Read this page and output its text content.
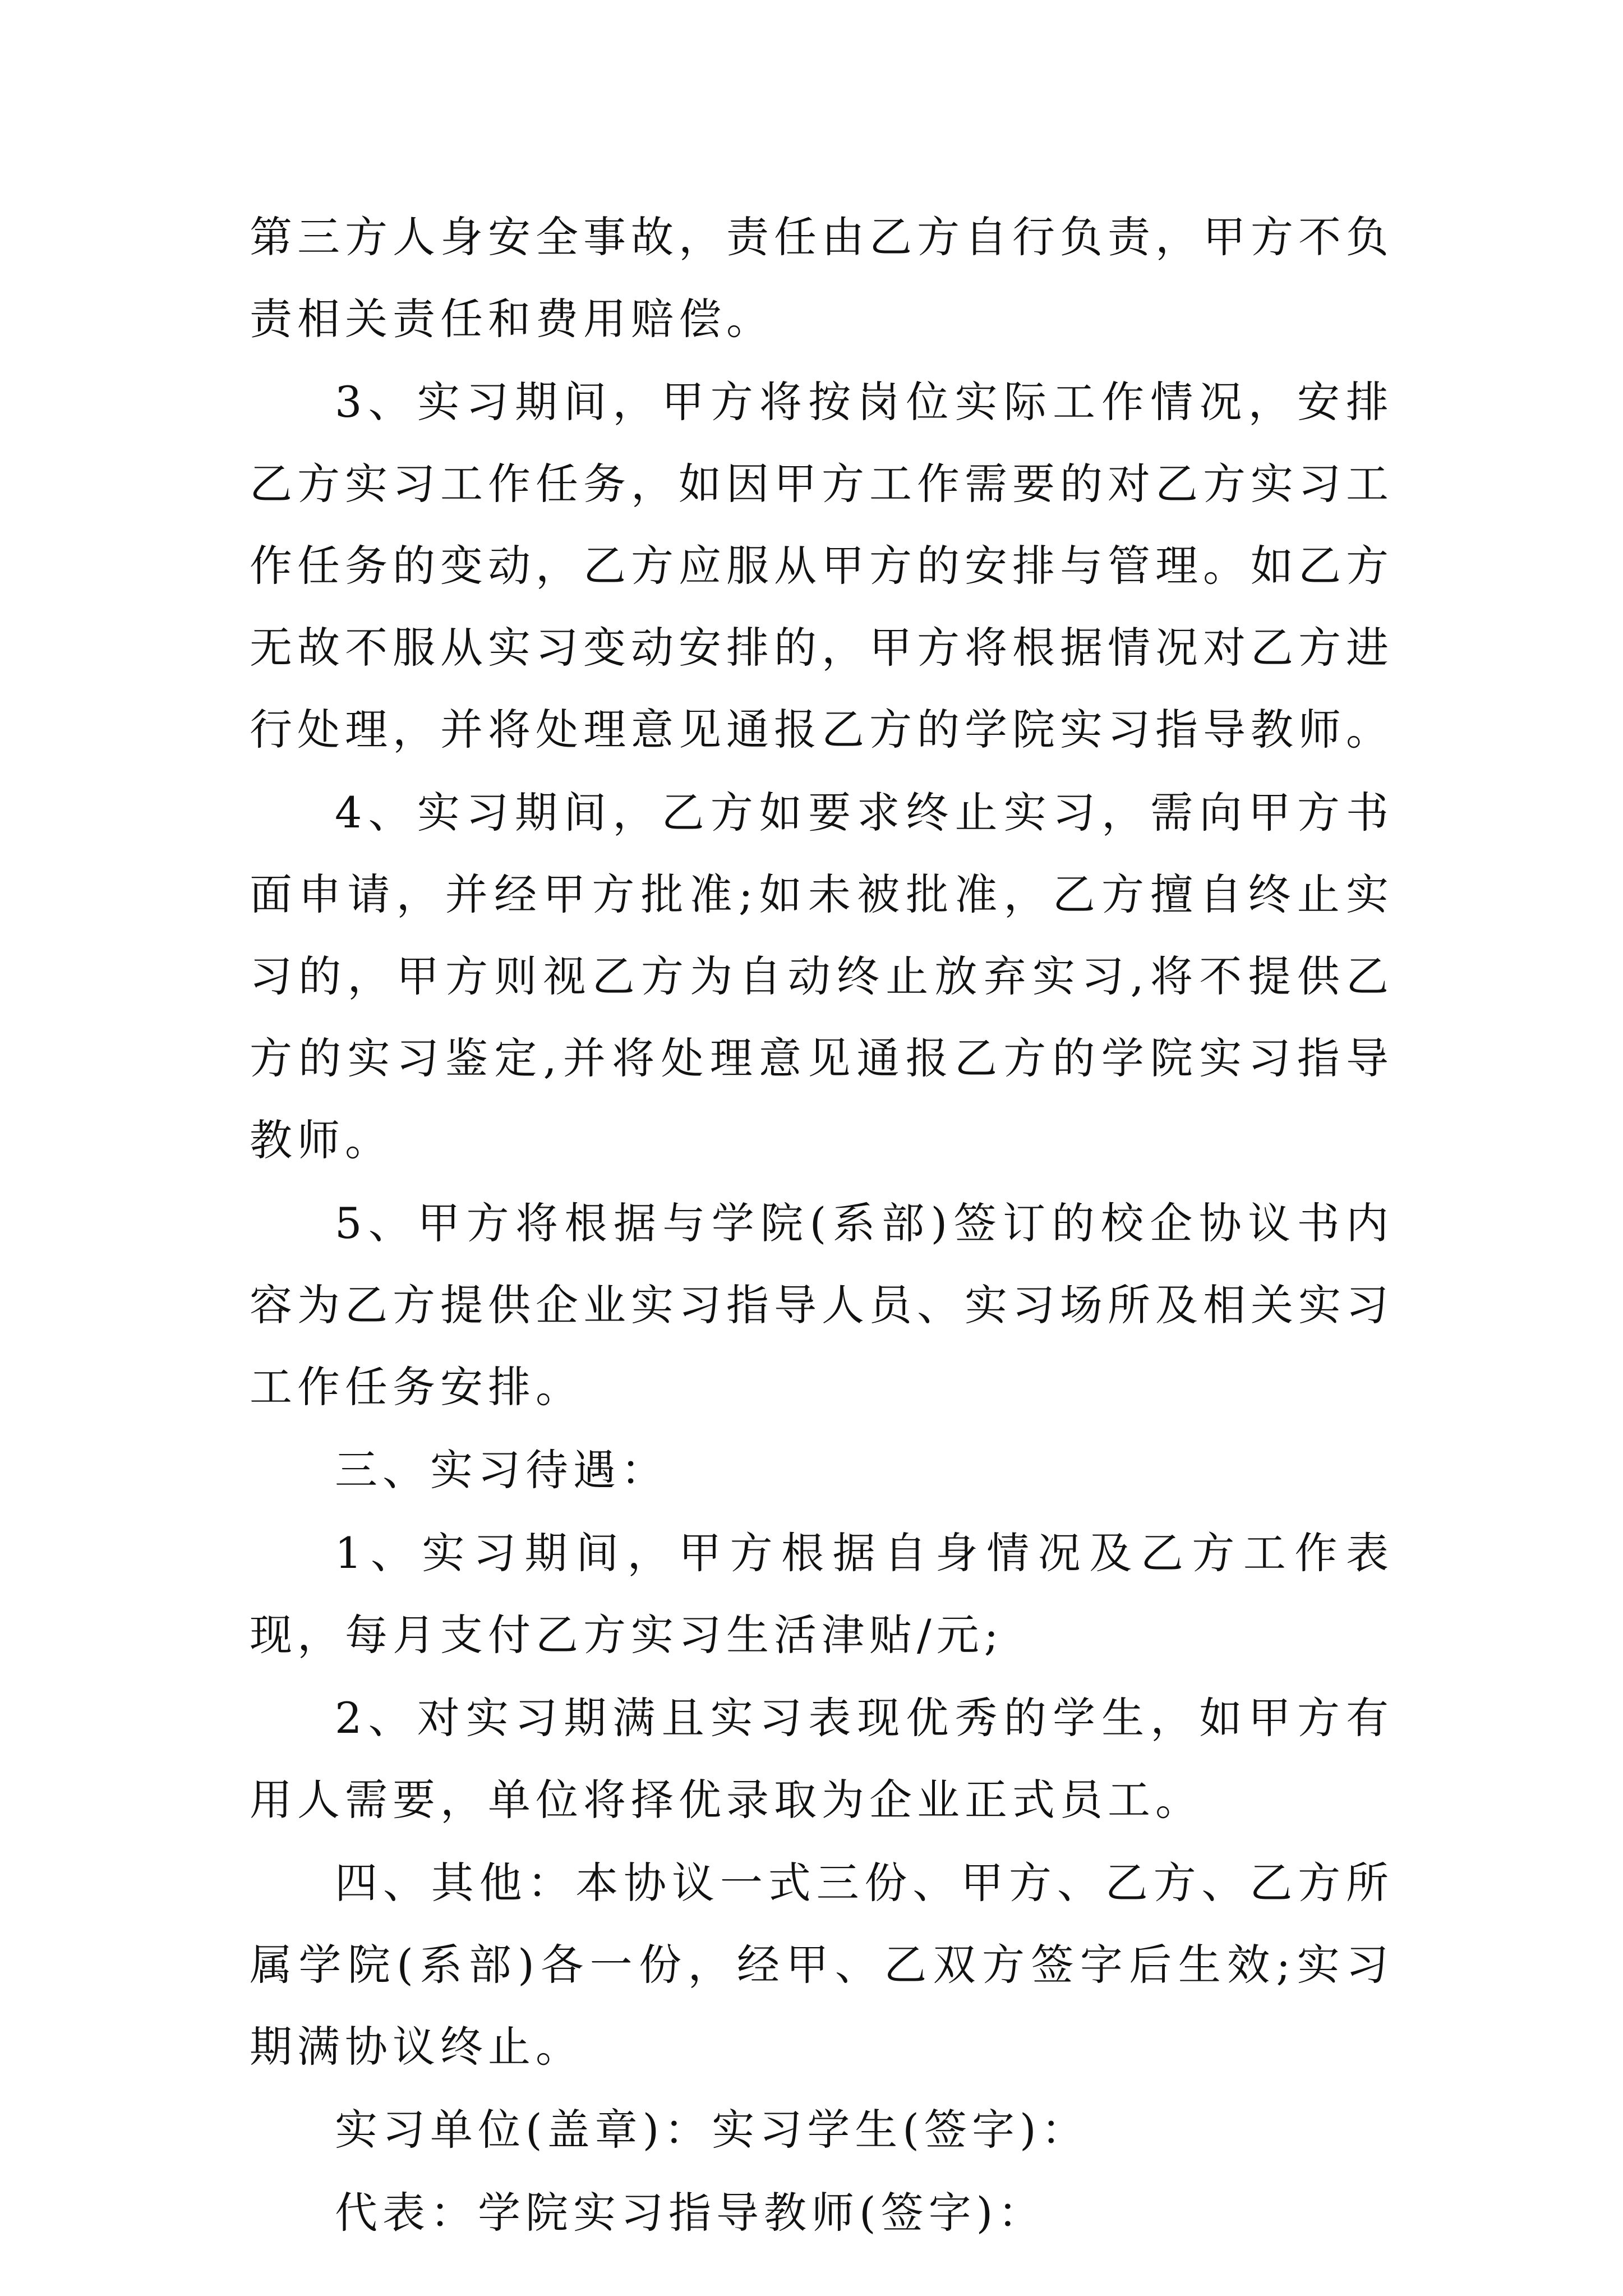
第三方人身安全事故，责任由乙方自行负责，甲方不负责相关责任和费用赔偿。

3、实习期间，甲方将按岗位实际工作情况，安排乙方实习工作任务，如因甲方工作需要的对乙方实习工作任务的变动，乙方应服从甲方的安排与管理。如乙方无故不服从实习变动安排的，甲方将根据情况对乙方进行处理，并将处理意见通报乙方的学院实习指导教师。

4、实习期间，乙方如要求终止实习，需向甲方书面申请，并经甲方批准;如未被批准，乙方擅自终止实习的，甲方则视乙方为自动终止放弃实习,将不提供乙方的实习鉴定,并将处理意见通报乙方的学院实习指导教师。

5、甲方将根据与学院(系部)签订的校企协议书内容为乙方提供企业实习指导人员、实习场所及相关实习工作任务安排。

三、实习待遇：

1、实习期间，甲方根据自身情况及乙方工作表现，每月支付乙方实习生活津贴/元;

2、对实习期满且实习表现优秀的学生，如甲方有用人需要，单位将择优录取为企业正式员工。

四、其他：本协议一式三份、甲方、乙方、乙方所属学院(系部)各一份，经甲、乙双方签字后生效;实习期满协议终止。

实习单位(盖章)：实习学生(签字)：

代表：学院实习指导教师(签字)：
